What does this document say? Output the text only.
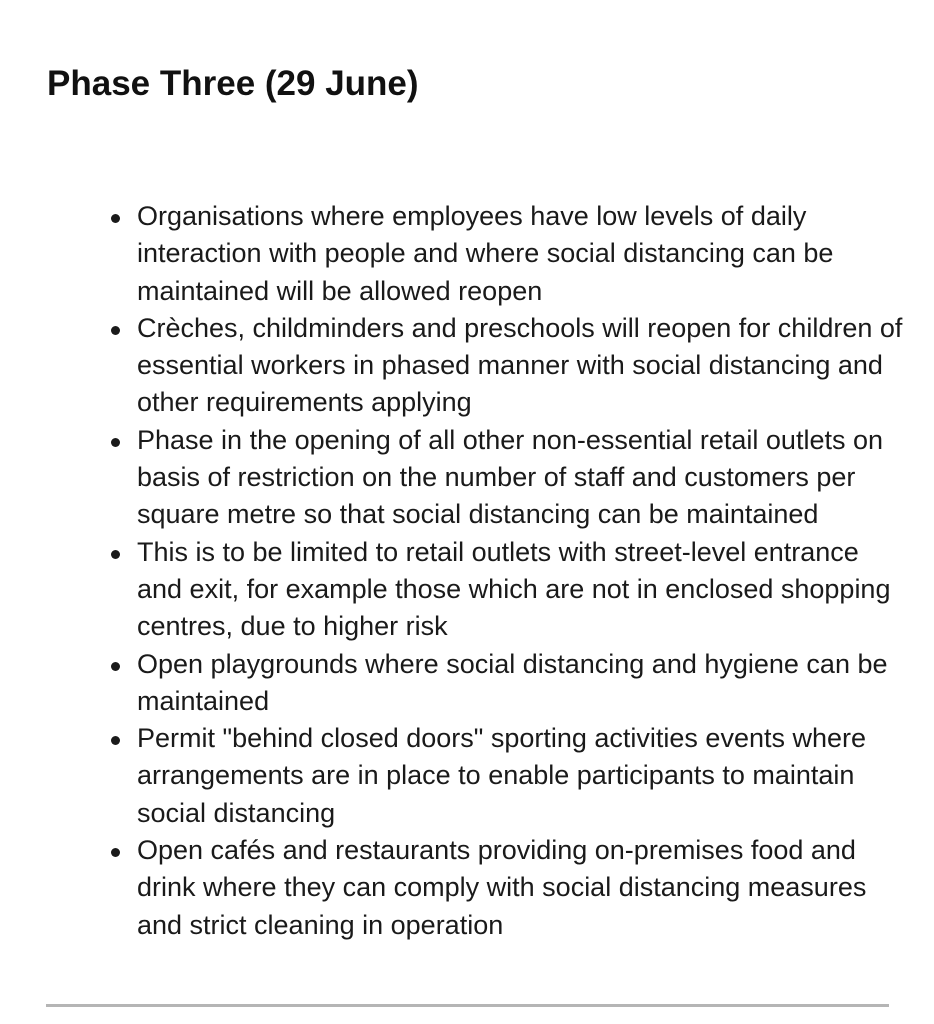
Phase Three (29 June)
Organisations where employees have low levels of daily interaction with people and where social distancing can be maintained will be allowed reopen
Crèches, childminders and preschools will reopen for children of essential workers in phased manner with social distancing and other requirements applying
Phase in the opening of all other non-essential retail outlets on basis of restriction on the number of staff and customers per square metre so that social distancing can be maintained
This is to be limited to retail outlets with street-level entrance and exit, for example those which are not in enclosed shopping centres, due to higher risk
Open playgrounds where social distancing and hygiene can be maintained
Permit "behind closed doors" sporting activities events where arrangements are in place to enable participants to maintain social distancing
Open cafés and restaurants providing on-premises food and drink where they can comply with social distancing measures and strict cleaning in operation
